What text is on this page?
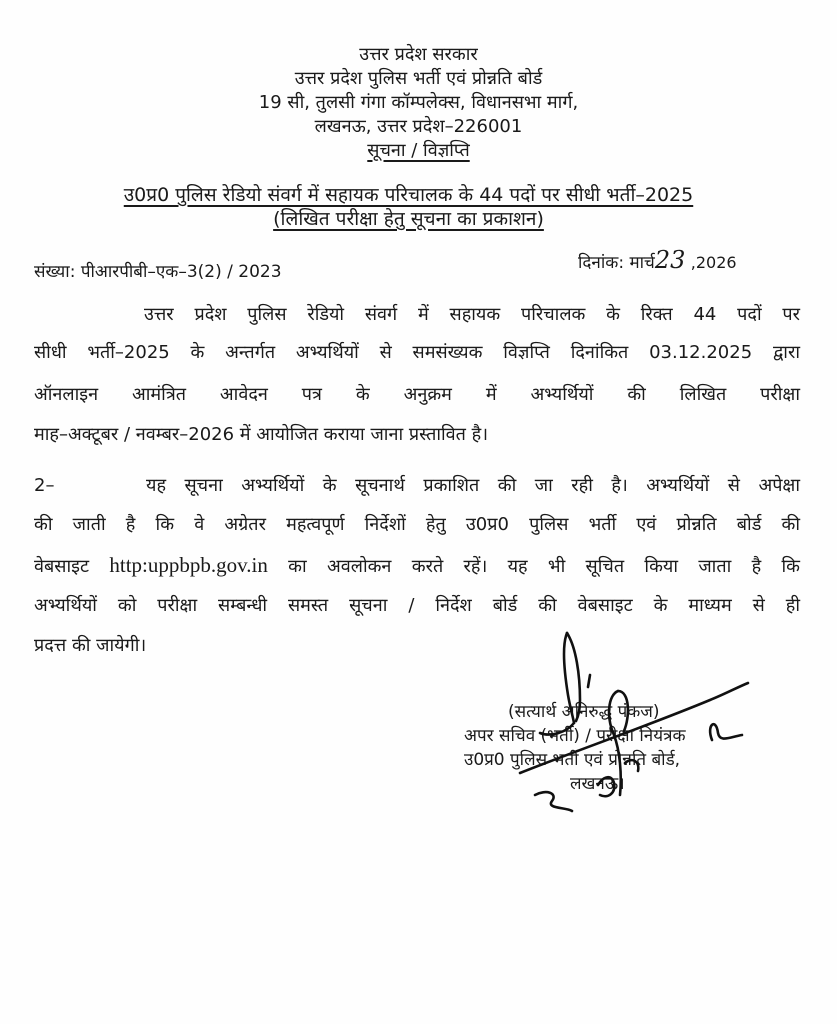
उत्तर प्रदेश सरकार
उत्तर प्रदेश पुलिस भर्ती एवं प्रोन्नति बोर्ड
19 सी, तुलसी गंगा कॉम्पलेक्स, विधानसभा मार्ग,
लखनऊ, उत्तर प्रदेश–226001
सूचना / विज्ञप्ति
उ0प्र0 पुलिस रेडियो संवर्ग में सहायक परिचालक के 44 पदों पर सीधी भर्ती–2025
(लिखित परीक्षा हेतु सूचना का प्रकाशन)
संख्या: पीआरपीबी–एक–3(2) / 2023	दिनांक: मार्च23 ,2026
उत्तर प्रदेश पुलिस रेडियो संवर्ग में सहायक परिचालक के रिक्त 44 पदों पर
सीधी भर्ती–2025 के अन्तर्गत अभ्यर्थियों से समसंख्यक विज्ञप्ति दिनांकित 03.12.2025 द्वारा
ऑनलाइन आमंत्रित आवेदन पत्र के अनुक्रम में अभ्यर्थियों की लिखित परीक्षा
माह–अक्टूबर / नवम्बर–2026 में आयोजित कराया जाना प्रस्तावित है।
2–	यह सूचना अभ्यर्थियों के सूचनार्थ प्रकाशित की जा रही है। अभ्यर्थियों से अपेक्षा
की जाती है कि वे अग्रेतर महत्वपूर्ण निर्देशों हेतु उ0प्र0 पुलिस भर्ती एवं प्रोन्नति बोर्ड की
वेबसाइट http:uppbpb.gov.in का अवलोकन करते रहें। यह भी सूचित किया जाता है कि
अभ्यर्थियों को परीक्षा सम्बन्धी समस्त सूचना / निर्देश बोर्ड की वेबसाइट के माध्यम से ही
प्रदत्त की जायेगी।
(सत्यार्थ अनिरुद्ध पंकज)
अपर सचिव (भर्ती) / परीक्षा नियंत्रक
उ0प्र0 पुलिस भर्ती एवं प्रोन्नति बोर्ड,
लखनऊ।
